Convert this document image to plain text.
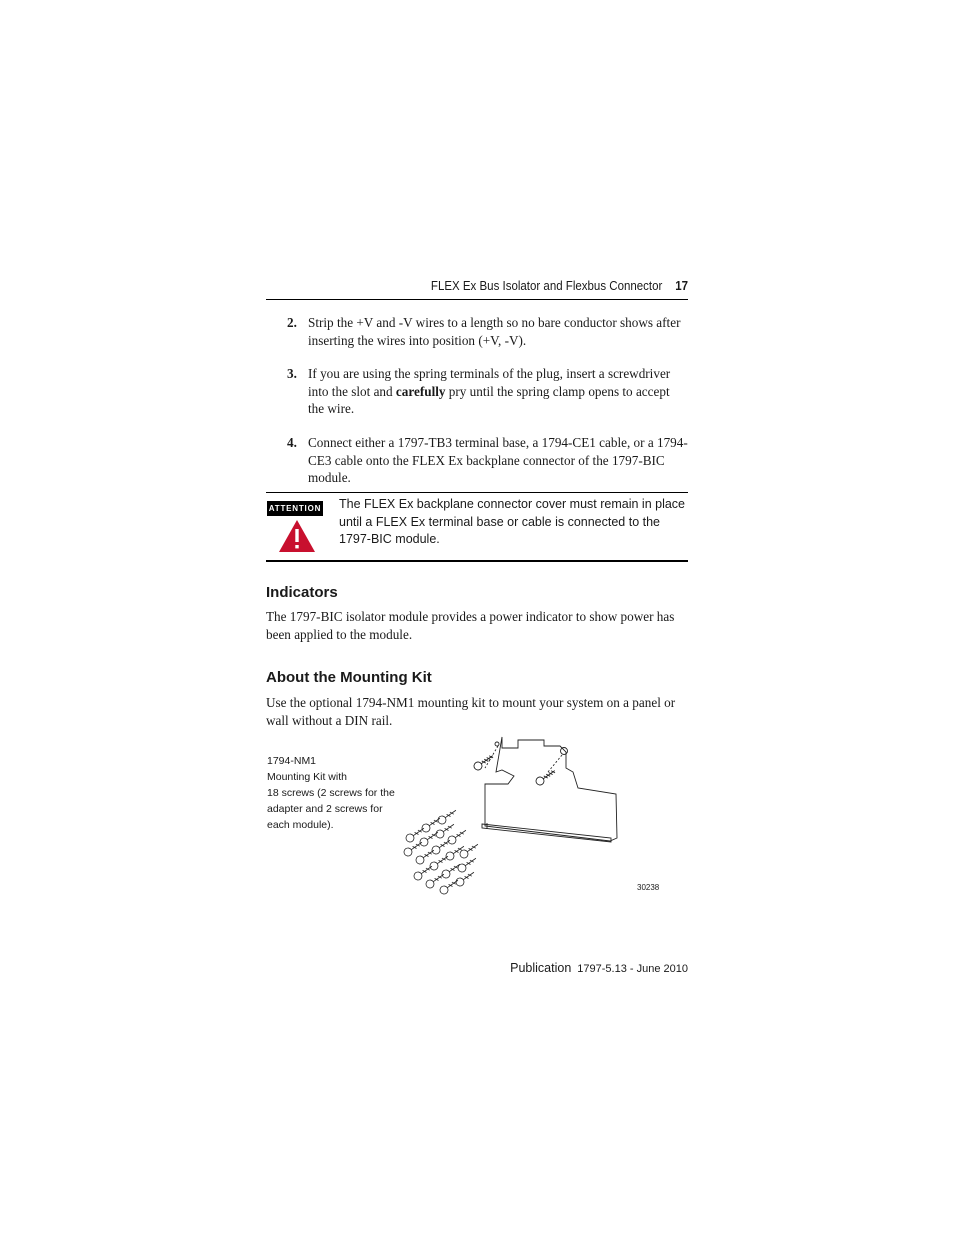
FLEX Ex Bus Isolator and Flexbus Connector 17
2. Strip the +V and -V wires to a length so no bare conductor shows after inserting the wires into position (+V, -V).
3. If you are using the spring terminals of the plug, insert a screwdriver into the slot and carefully pry until the spring clamp opens to accept the wire.
4. Connect either a 1797-TB3 terminal base, a 1794-CE1 cable, or a 1794-CE3 cable onto the FLEX Ex backplane connector of the 1797-BIC module.
ATTENTION The FLEX Ex backplane connector cover must remain in place until a FLEX Ex terminal base or cable is connected to the 1797-BIC module.
Indicators
The 1797-BIC isolator module provides a power indicator to show power has been applied to the module.
About the Mounting Kit
Use the optional 1794-NM1 mounting kit to mount your system on a panel or wall without a DIN rail.
1794-NM1
Mounting Kit with
18 screws (2 screws for the
adapter and 2 screws for
each module).
30238
Publication 1797-5.13 - June 2010
